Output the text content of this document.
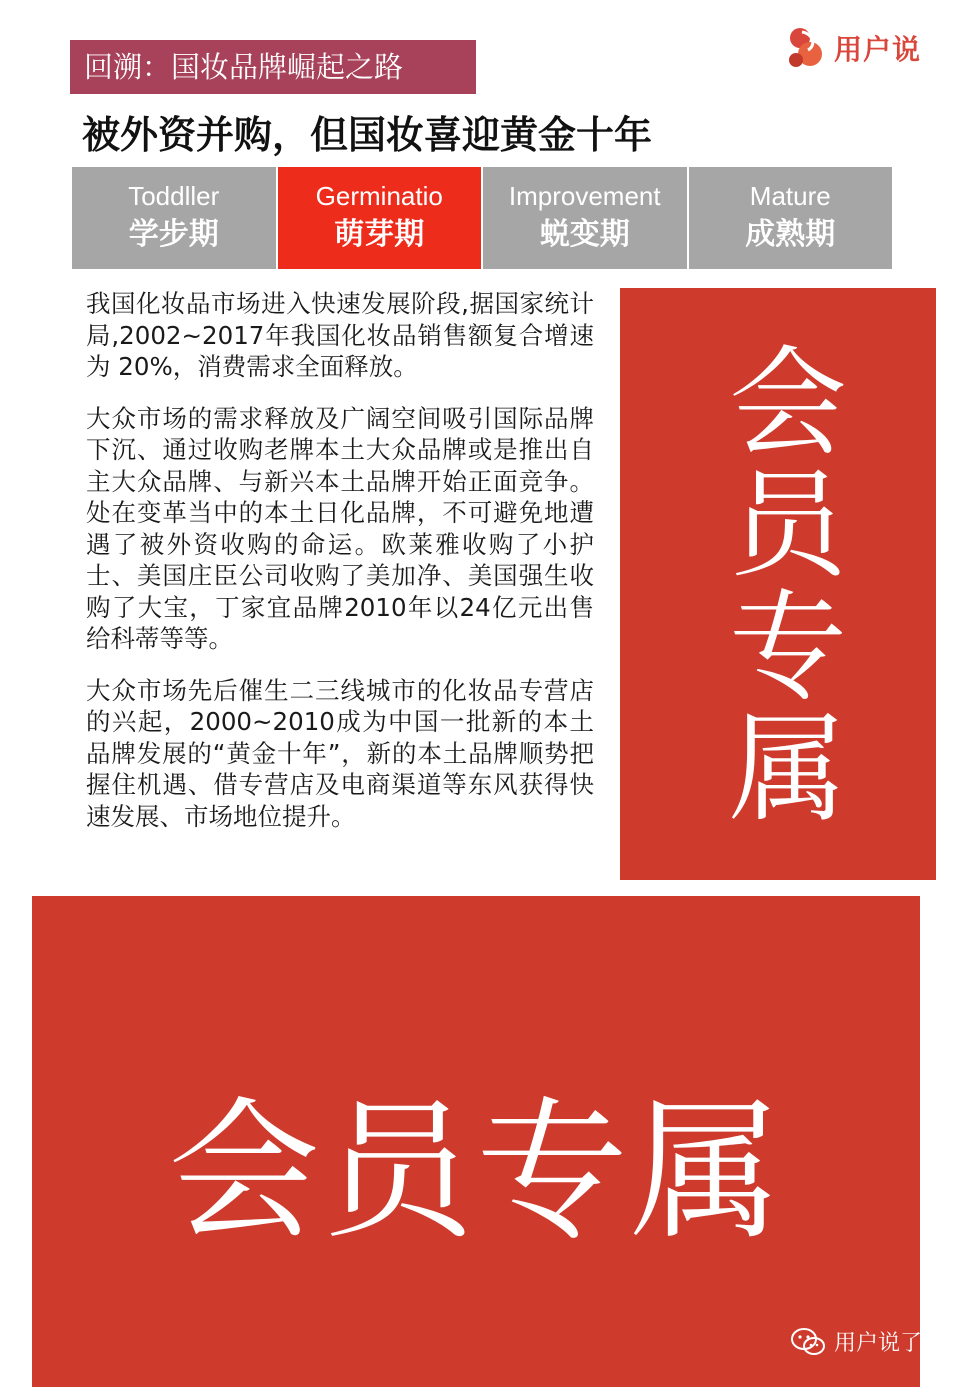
回溯：国妆品牌崛起之路
用户说
被外资并购，但国妆喜迎黄金十年
Toddller
学步期
Germinatio
萌芽期
Improvement
蜕变期
Mature
成熟期

我国化妆品市场进入快速发展阶段,据国家统计局,2002~2017年我国化妆品销售额复合增速为 20%，消费需求全面释放。

大众市场的需求释放及广阔空间吸引国际品牌下沉、通过收购老牌本土大众品牌或是推出自主大众品牌、与新兴本土品牌开始正面竞争。处在变革当中的本土日化品牌，不可避免地遭遇了被外资收购的命运。欧莱雅收购了小护士、美国庄臣公司收购了美加净、美国强生收购了大宝，丁家宜品牌2010年以24亿元出售给科蒂等等。

大众市场先后催生二三线城市的化妆品专营店的兴起，2000~2010成为中国一批新的本土品牌发展的“黄金十年”，新的本土品牌顺势把握住机遇、借专营店及电商渠道等东风获得快速发展、市场地位提升。	会员专属
会员专属
用户说了
